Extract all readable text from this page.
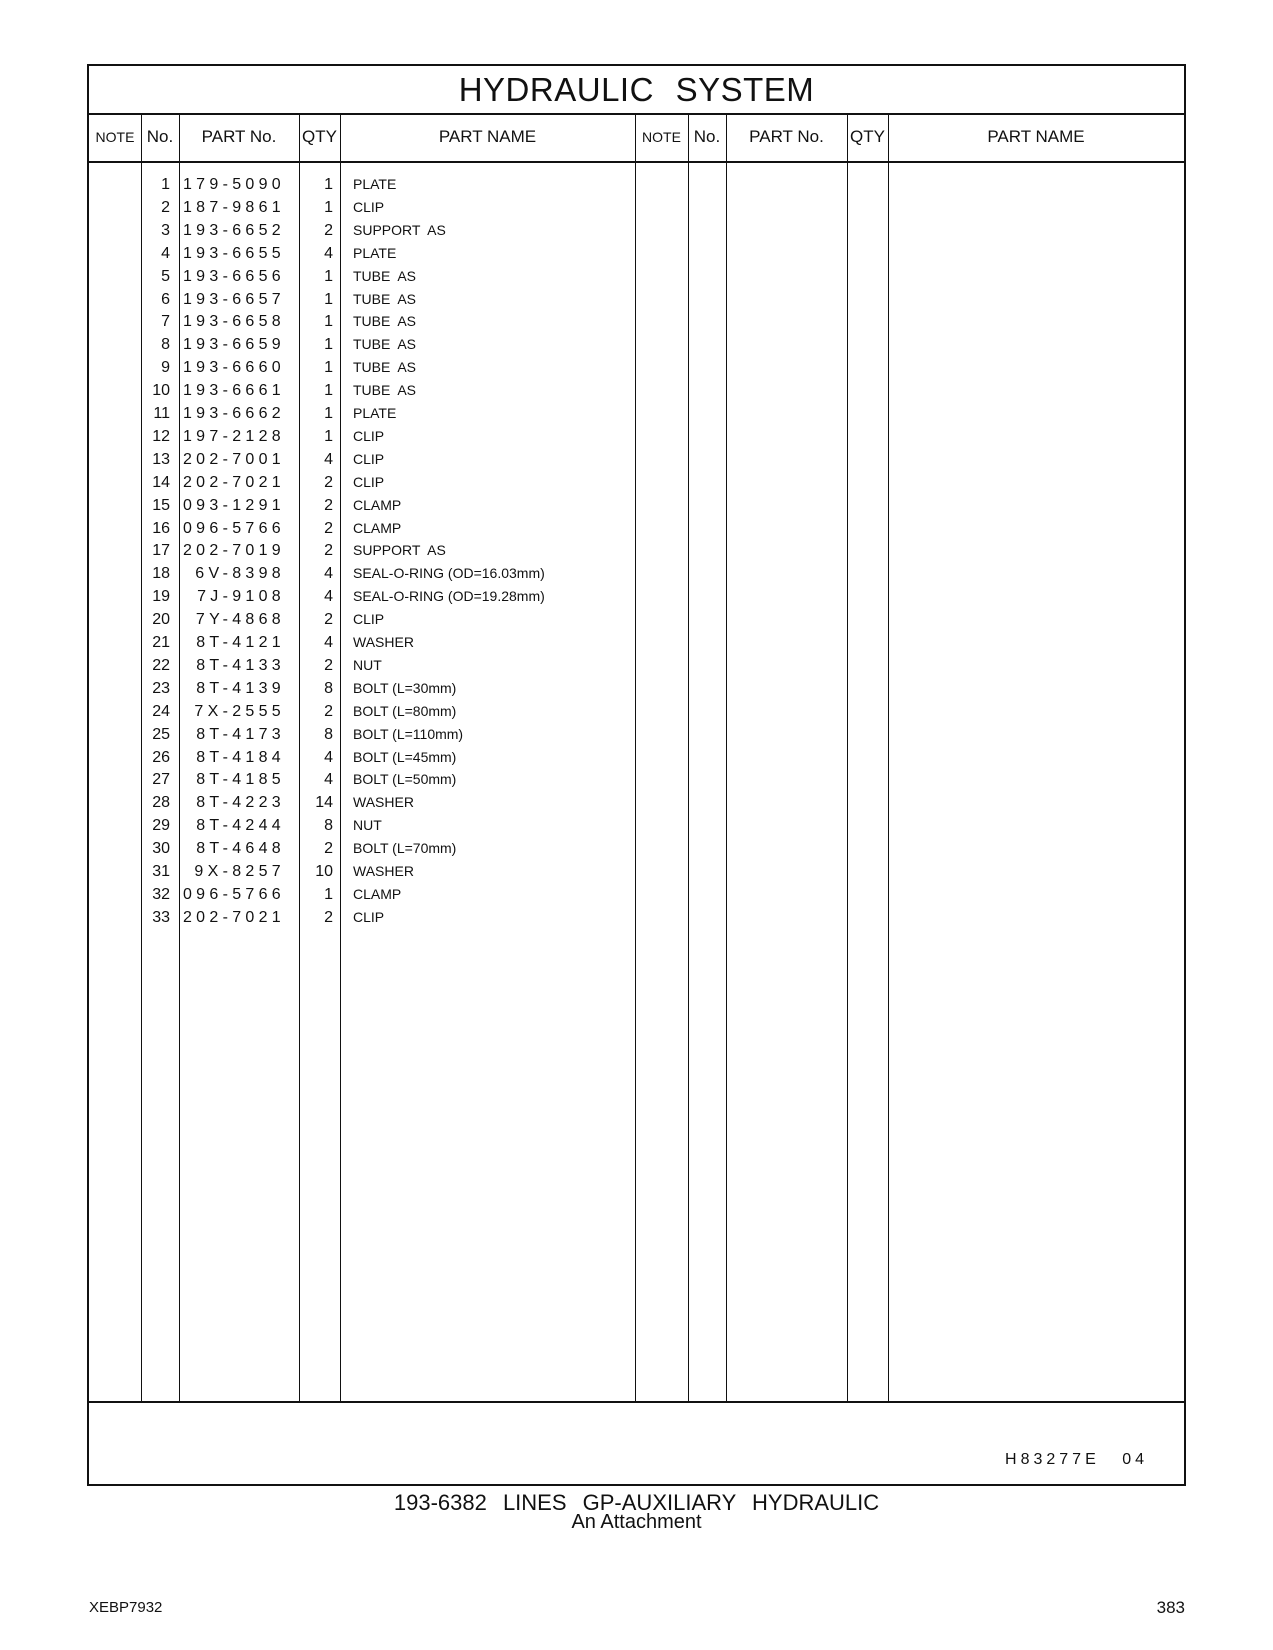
HYDRAULIC SYSTEM
NOTE No.	PART No.	QTY	PART NAME	NOTE No.	PART No.	QTY	PART NAME
1 179-5090	1 PLATE
2 187-9861	1 CLIP
3 193-6652	2 SUPPORT  AS
4 193-6655	4 PLATE
5 193-6656	1 TUBE  AS
6 193-6657	1 TUBE  AS
7 193-6658	1 TUBE  AS
8 193-6659	1 TUBE  AS
9 193-6660	1 TUBE  AS
10 193-6661	1 TUBE  AS
11 193-6662	1 PLATE
12 197-2128	1 CLIP
13 202-7001	4 CLIP
14 202-7021	2 CLIP
15 093-1291	2 CLAMP
16 096-5766	2 CLAMP
17 202-7019	2 SUPPORT  AS
18	6V-8398	4 SEAL-O-RING (OD=16.03mm)
19	7J-9108	4 SEAL-O-RING (OD=19.28mm)
20	7Y-4868	2 CLIP
21	8T-4121	4 WASHER
22	8T-4133	2 NUT
23	8T-4139	8 BOLT (L=30mm)
24	7X-2555	2 BOLT (L=80mm)
25	8T-4173	8 BOLT (L=110mm)
26	8T-4184	4 BOLT (L=45mm)
27	8T-4185	4 BOLT (L=50mm)
28	8T-4223	14 WASHER
29	8T-4244	8 NUT
30	8T-4648	2 BOLT (L=70mm)
31	9X-8257	10 WASHER
32 096-5766	1 CLAMP
33 202-7021	2 CLIP
H83277E 04
193-6382 LINES GP-AUXILIARY HYDRAULIC
An Attachment
XEBP7932	383
